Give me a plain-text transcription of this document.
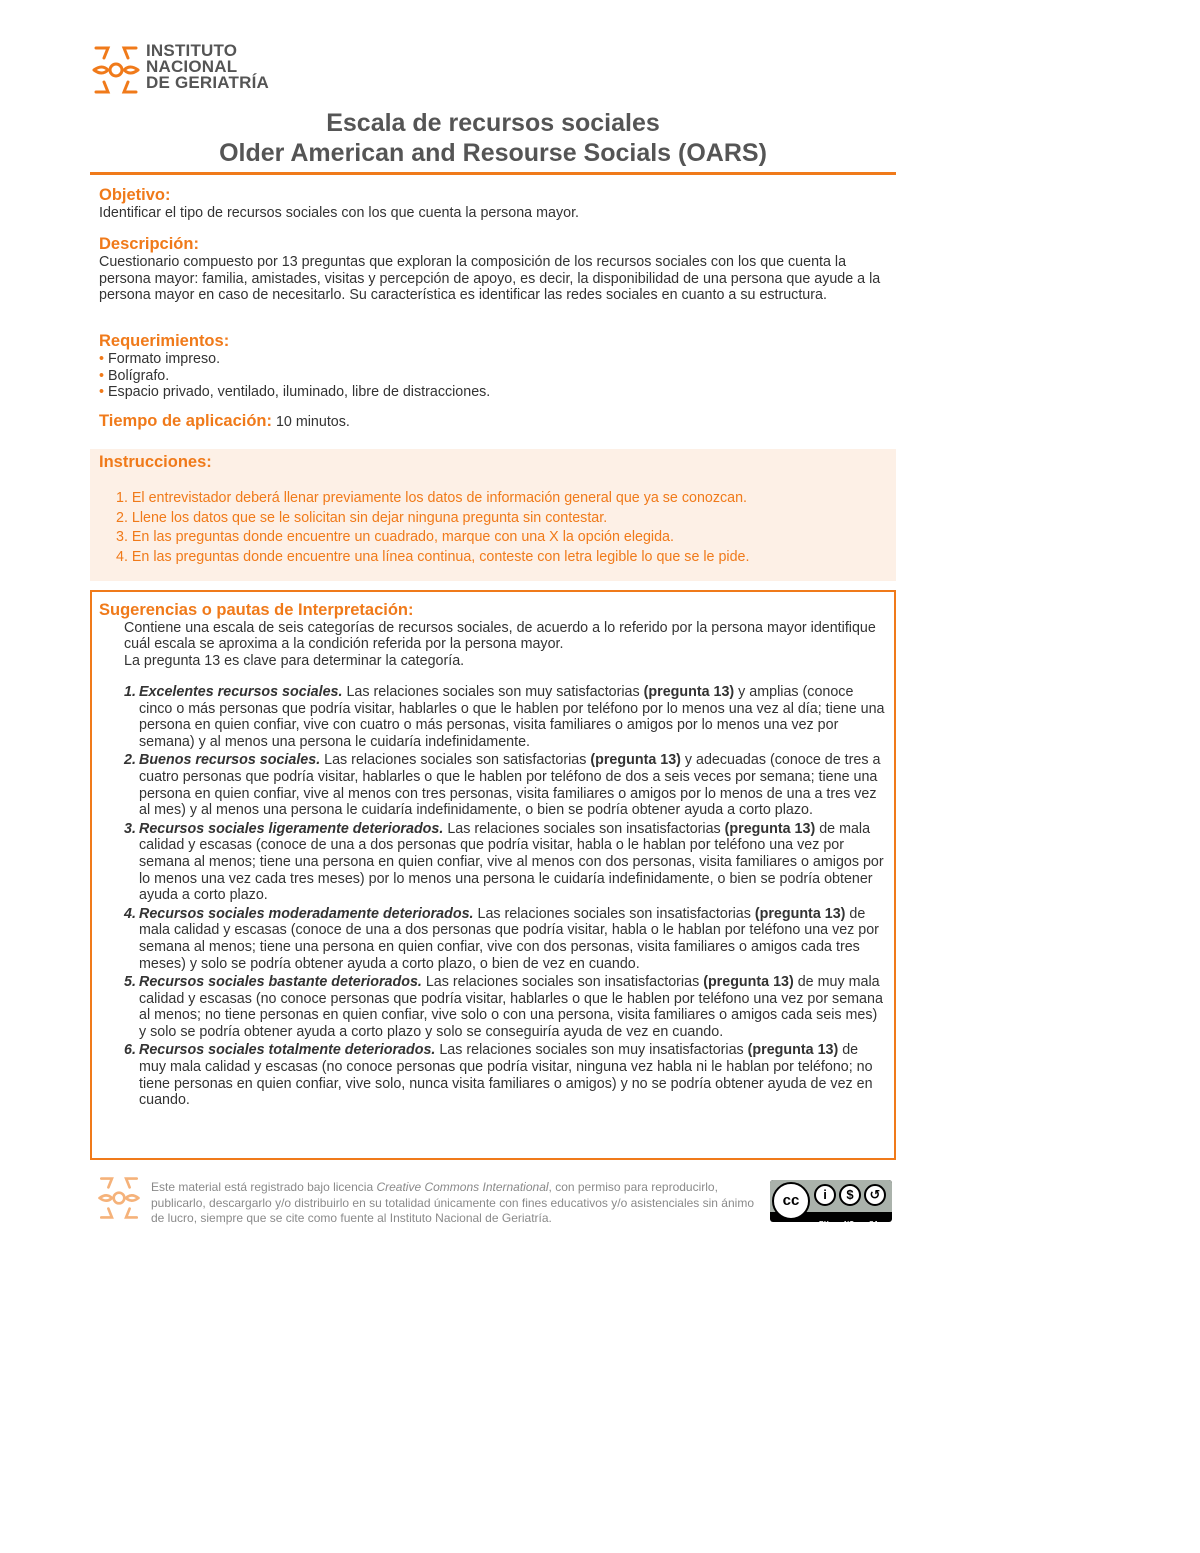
INSTITUTO
NACIONAL
DE GERIATRÍA
Escala de recursos sociales
Older American and Resourse Socials (OARS)
Objetivo:
Identificar el tipo de recursos sociales con los que cuenta la persona mayor.
Descripción:
Cuestionario compuesto por 13 preguntas que exploran la composición de los recursos sociales con los que cuenta la persona mayor: familia, amistades, visitas y percepción de apoyo, es decir, la disponibilidad de una persona que ayude a la persona mayor en caso de necesitarlo. Su característica es identificar las redes sociales en cuanto a su estructura.
Requerimientos:
• Formato impreso.
• Bolígrafo.
• Espacio privado, ventilado, iluminado, libre de distracciones.
Tiempo de aplicación: 10 minutos.
Instrucciones:
1. El entrevistador deberá llenar previamente los datos de información general que ya se conozcan.
2. Llene los datos que se le solicitan sin dejar ninguna pregunta sin contestar.
3. En las preguntas donde encuentre un cuadrado, marque con una X la opción elegida.
4. En las preguntas donde encuentre una línea continua, conteste con letra legible lo que se le pide.
Sugerencias o pautas de Interpretación:
Contiene una escala de seis categorías de recursos sociales, de acuerdo a lo referido por la persona mayor identifique cuál escala se aproxima a la condición referida por la persona mayor.
La pregunta 13 es clave para determinar la categoría.
1. Excelentes recursos sociales. Las relaciones sociales son muy satisfactorias (pregunta 13) y amplias (conoce cinco o más personas que podría visitar, hablarles o que le hablen por teléfono por lo menos una vez al día; tiene una persona en quien confiar, vive con cuatro o más personas, visita familiares o amigos por lo menos una vez por semana) y al menos una persona le cuidaría indefinidamente.
2. Buenos recursos sociales. Las relaciones sociales son satisfactorias (pregunta 13) y adecuadas (conoce de tres a cuatro personas que podría visitar, hablarles o que le hablen por teléfono de dos a seis veces por semana; tiene una persona en quien confiar, vive al menos con tres personas, visita familiares o amigos por lo menos de una a tres vez al mes) y al menos una persona le cuidaría indefinidamente, o bien se podría obtener ayuda a corto plazo.
3. Recursos sociales ligeramente deteriorados. Las relaciones sociales son insatisfactorias (pregunta 13) de mala calidad y escasas (conoce de una a dos personas que podría visitar, habla o le hablan por teléfono una vez por semana al menos; tiene una persona en quien confiar, vive al menos con dos personas, visita familiares o amigos por lo menos una vez cada tres meses) por lo menos una persona le cuidaría indefinidamente, o bien se podría obtener ayuda a corto plazo.
4. Recursos sociales moderadamente deteriorados. Las relaciones sociales son insatisfactorias (pregunta 13) de mala calidad y escasas (conoce de una a dos personas que podría visitar, habla o le hablan por teléfono una vez por semana al menos; tiene una persona en quien confiar, vive con dos personas, visita familiares o amigos cada tres meses) y solo se podría obtener ayuda a corto plazo, o bien de vez en cuando.
5. Recursos sociales bastante deteriorados. Las relaciones sociales son insatisfactorias (pregunta 13) de muy mala calidad y escasas (no conoce personas que podría visitar, hablarles o que le hablen por teléfono una vez por semana al menos; no tiene personas en quien confiar, vive solo o con una persona, visita familiares o amigos cada seis mes) y solo se podría obtener ayuda a corto plazo y solo se conseguiría ayuda de vez en cuando.
6. Recursos sociales totalmente deteriorados. Las relaciones sociales son muy insatisfactorias (pregunta 13) de muy mala calidad y escasas (no conoce personas que podría visitar, ninguna vez habla ni le hablan por teléfono; no tiene personas en quien confiar, vive solo, nunca visita familiares o amigos) y no se podría obtener ayuda de vez en cuando.
Este material está registrado bajo licencia Creative Commons International, con permiso para reproducirlo, publicarlo, descargarlo y/o distribuirlo en su totalidad únicamente con fines educativos y/o asistenciales sin ánimo de lucro, siempre que se cite como fuente al Instituto Nacional de Geriatría.
cc	i	$	↺
BY NC SA
